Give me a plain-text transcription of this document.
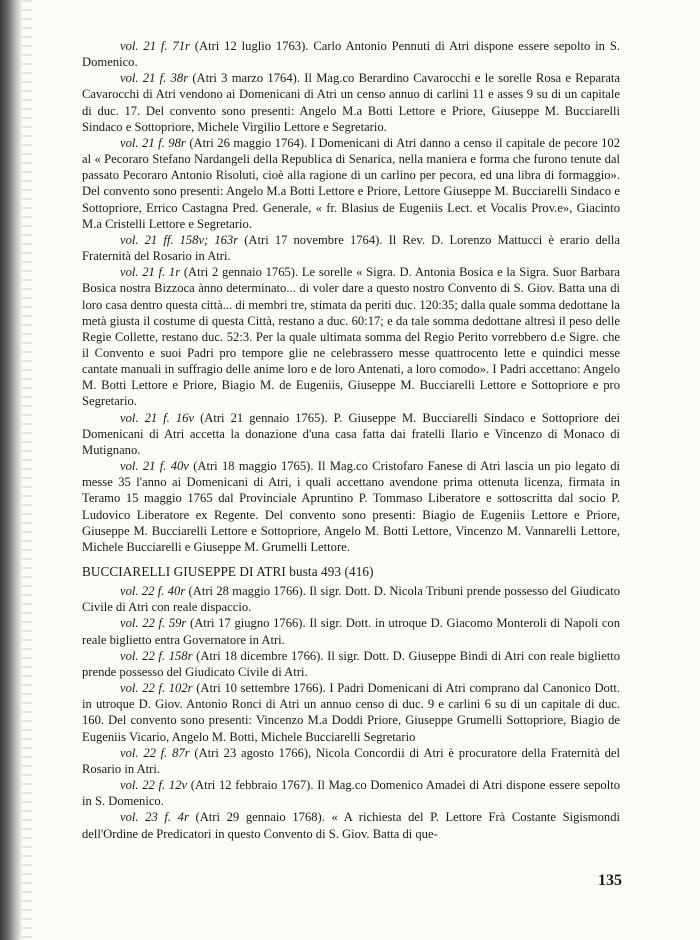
vol. 21 f. 71r (Atri 12 luglio 1763). Carlo Antonio Pennuti di Atri dispone essere sepolto in S. Domenico.

vol. 21 f. 38r (Atri 3 marzo 1764). Il Mag.co Berardino Cavarocchi e le sorelle Rosa e Reparata Cavarocchi di Atri vendono ai Domenicani di Atri un censo annuo di carlini 11 e asses 9 su di un capitale di duc. 17. Del convento sono presenti: Angelo M.a Botti Lettore e Priore, Giuseppe M. Bucciarelli Sindaco e Sottopriore, Michele Virgilio Lettore e Segretario.

vol. 21 f. 98r (Atri 26 maggio 1764). I Domenicani di Atri danno a censo il capitale de pecore 102 al « Pecoraro Stefano Nardangeli della Republica di Senarica, nella maniera e forma che furono tenute dal passato Pecoraro Antonio Risoluti, cioè alla ragione di un carlino per pecora, ed una libra di formaggio». Del convento sono presenti: Angelo M.a Botti Lettore e Priore, Lettore Giuseppe M. Bucciarelli Sindaco e Sottopriore, Errico Castagna Pred. Generale, « fr. Blasius de Eugeniis Lect. et Vocalis Prov.e», Giacinto M.a Cristelli Lettore e Segretario.

vol. 21 ff. 158v; 163r (Atri 17 novembre 1764). Il Rev. D. Lorenzo Mattucci è erario della Fraternità del Rosario in Atri.

vol. 21 f. 1r (Atri 2 gennaio 1765). Le sorelle « Sigra. D. Antonia Bosica e la Sigra. Suor Barbara Bosica nostra Bizzoca ànno determinato... di voler dare a questo nostro Convento di S. Giov. Batta una di loro casa dentro questa città... di membri tre, stimata da periti duc. 120:35; dalla quale somma dedottane la metà giusta il costume di questa Città, restano a duc. 60:17; e da tale somma dedottane altresì il peso delle Regie Collette, restano duc. 52:3. Per la quale ultimata somma del Regio Perito vorrebbero d.e Sigre. che il Convento e suoi Padri pro tempore glie ne celebrassero messe quattrocento lette e quindici messe cantate manuali in suffragio delle anime loro e de loro Antenati, a loro comodo». I Padri accettano: Angelo M. Botti Lettore e Priore, Biagio M. de Eugeniis, Giuseppe M. Bucciarelli Lettore e Sottopriore e pro Segretario.

vol. 21 f. 16v (Atri 21 gennaio 1765). P. Giuseppe M. Bucciarelli Sindaco e Sottopriore dei Domenicani di Atri accetta la donazione d'una casa fatta dai fratelli Ilario e Vincenzo di Monaco di Mutignano.

vol. 21 f. 40v (Atri 18 maggio 1765). Il Mag.co Cristofaro Fanese di Atri lascia un pio legato di messe 35 l'anno ai Domenicani di Atri, i quali accettano avendone prima ottenuta licenza, firmata in Teramo 15 maggio 1765 dal Provinciale Apruntino P. Tommaso Liberatore e sottoscritta dal socio P. Ludovico Liberatore ex Regente. Del convento sono presenti: Biagio de Eugeniis Lettore e Priore, Giuseppe M. Bucciarelli Lettore e Sottopriore, Angelo M. Botti Lettore, Vincenzo M. Vannarelli Lettore, Michele Bucciarelli e Giuseppe M. Grumelli Lettore.

BUCCIARELLI GIUSEPPE DI ATRI busta 493 (416)

vol. 22 f. 40r (Atri 28 maggio 1766). Il sigr. Dott. D. Nicola Tribuni prende possesso del Giudicato Civile di Atri con reale dispaccio.

vol. 22 f. 59r (Atri 17 giugno 1766). Il sigr. Dott. in utroque D. Giacomo Monteroli di Napoli con reale biglietto entra Governatore in Atri.

vol. 22 f. 158r (Atri 18 dicembre 1766). Il sigr. Dott. D. Giuseppe Bindi di Atri con reale biglietto prende possesso del Giudicato Civile di Atri.

vol. 22 f. 102r (Atri 10 settembre 1766). I Padri Domenicani di Atri comprano dal Canonico Dott. in utroque D. Giov. Antonio Ronci di Atri un annuo censo di duc. 9 e carlini 6 su di un capitale di duc. 160. Del convento sono presenti: Vincenzo M.a Doddi Priore, Giuseppe Grumelli Sottopriore, Biagio de Eugeniis Vicario, Angelo M. Botti, Michele Bucciarelli Segretario

vol. 22 f. 87r (Atri 23 agosto 1766), Nicola Concordii di Atri è procuratore della Fraternità del Rosario in Atri.

vol. 22 f. 12v (Atri 12 febbraio 1767). Il Mag.co Domenico Amadei di Atri dispone essere sepolto in S. Domenico.

vol. 23 f. 4r (Atri 29 gennaio 1768). « A richiesta del P. Lettore Frà Costante Sigismondi dell'Ordine de Predicatori in questo Convento di S. Giov. Batta di que-

135
